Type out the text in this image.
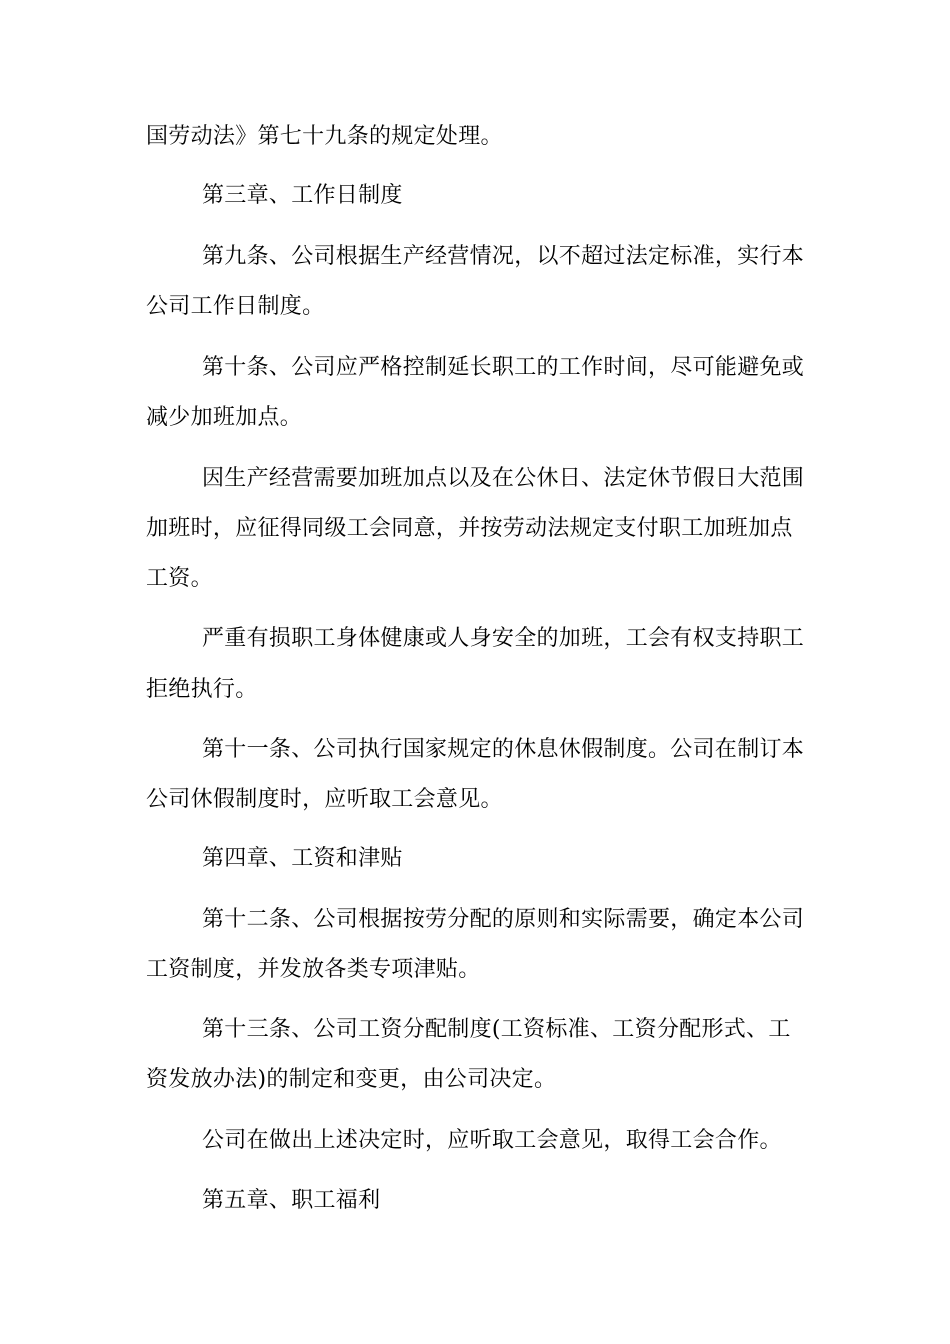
国劳动法》第七十九条的规定处理。
第三章、工作日制度
第九条、公司根据生产经营情况，以不超过法定标准，实行本
公司工作日制度。
第十条、公司应严格控制延长职工的工作时间，尽可能避免或
减少加班加点。
因生产经营需要加班加点以及在公休日、法定休节假日大范围
加班时，应征得同级工会同意，并按劳动法规定支付职工加班加点
工资。
严重有损职工身体健康或人身安全的加班，工会有权支持职工
拒绝执行。
第十一条、公司执行国家规定的休息休假制度。公司在制订本
公司休假制度时，应听取工会意见。
第四章、工资和津贴
第十二条、公司根据按劳分配的原则和实际需要，确定本公司
工资制度，并发放各类专项津贴。
第十三条、公司工资分配制度(工资标准、工资分配形式、工
资发放办法)的制定和变更，由公司决定。
公司在做出上述决定时，应听取工会意见，取得工会合作。
第五章、职工福利
